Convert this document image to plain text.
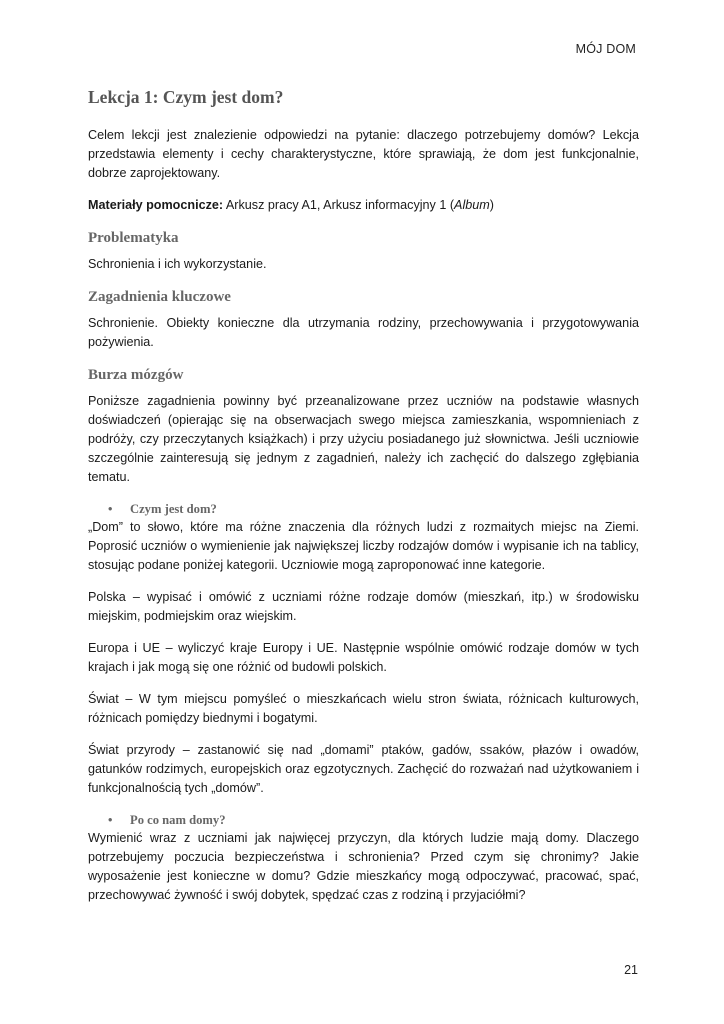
MÓJ DOM
Lekcja 1: Czym jest dom?

Celem lekcji jest znalezienie odpowiedzi na pytanie: dlaczego potrzebujemy domów? Lekcja przedstawia elementy i cechy charakterystyczne, które sprawiają, że dom jest funkcjonalnie, dobrze zaprojektowany.

Materiały pomocnicze: Arkusz pracy A1, Arkusz informacyjny 1 (Album)

Problematyka

Schronienia i ich wykorzystanie.

Zagadnienia kluczowe

Schronienie. Obiekty konieczne dla utrzymania rodziny, przechowywania i przygotowywania pożywienia.

Burza mózgów

Poniższe zagadnienia powinny być przeanalizowane przez uczniów na podstawie własnych doświadczeń (opierając się na obserwacjach swego miejsca zamieszkania, wspomnieniach z podróży, czy przeczytanych książkach) i przy użyciu posiadanego już słownictwa. Jeśli uczniowie szczególnie zainteresują się jednym z zagadnień, należy ich zachęcić do dalszego zgłębiania tematu.

• Czym jest dom?

„Dom” to słowo, które ma różne znaczenia dla różnych ludzi z rozmaitych miejsc na Ziemi. Poprosić uczniów o wymienienie jak największej liczby rodzajów domów i wypisanie ich na tablicy, stosując podane poniżej kategorii. Uczniowie mogą zaproponować inne kategorie.

Polska – wypisać i omówić z uczniami różne rodzaje domów (mieszkań, itp.) w środowisku miejskim, podmiejskim oraz wiejskim.

Europa i UE – wyliczyć kraje Europy i UE. Następnie wspólnie omówić rodzaje domów w tych krajach i jak mogą się one różnić od budowli polskich.

Świat – W tym miejscu pomyśleć o mieszkańcach wielu stron świata, różnicach kulturowych, różnicach pomiędzy biednymi i bogatymi.

Świat przyrody – zastanowić się nad „domami” ptaków, gadów, ssaków, płazów i owadów, gatunków rodzimych, europejskich oraz egzotycznych. Zachęcić do rozważań nad użytkowaniem i funkcjonalnością tych „domów”.

• Po co nam domy?

Wymienić wraz z uczniami jak najwięcej przyczyn, dla których ludzie mają domy. Dlaczego potrzebujemy poczucia bezpieczeństwa i schronienia? Przed czym się chronimy? Jakie wyposażenie jest konieczne w domu? Gdzie mieszkańcy mogą odpoczywać, pracować, spać, przechowywać żywność i swój dobytek, spędzać czas z rodziną i przyjaciółmi?

21
